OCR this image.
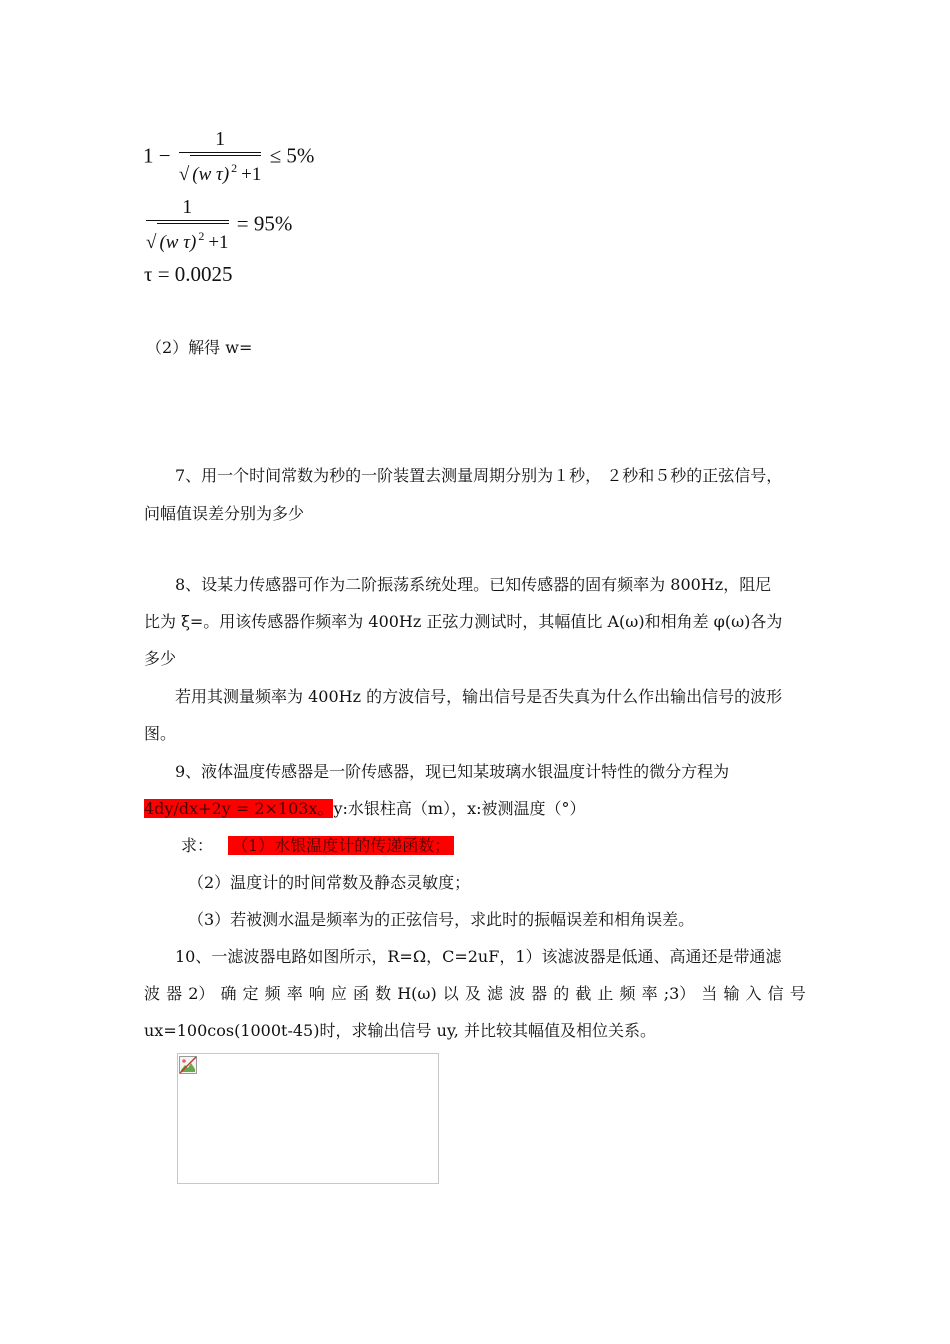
$1 - \frac{1}{√ (w \tau) ^2 +1} \le 5\%$
$\frac{1}{√ (w \tau) ^2 +1} = 95\%$
τ = 0.0025
（2）解得 w=
7、用一个时间常数为秒的一阶装置去测量周期分别为１秒， ２秒和５秒的正弦信号，
问幅值误差分别为多少
8、设某力传感器可作为二阶振荡系统处理。已知传感器的固有频率为 800Hz，阻尼
比为 ξ=。用该传感器作频率为 400Hz 正弦力测试时，其幅值比 A(ω)和相角差 φ(ω)各为
多少
若用其测量频率为 400Hz 的方波信号，输出信号是否失真为什么作出输出信号的波形
图。
9、液体温度传感器是一阶传感器，现已知某玻璃水银温度计特性的微分方程为
4dy/dx+2y = 2×103x。y:水银柱高（m），x:被测温度（°）
求： （1）水银温度计的传递函数；
（2）温度计的时间常数及静态灵敏度；
（3）若被测水温是频率为的正弦信号，求此时的振幅误差和相角误差。
10、一滤波器电路如图所示，R=Ω，C=2uF，1）该滤波器是低通、高通还是带通滤
波 器 2） 确 定 频 率 响 应 函 数 H(ω) 以 及 滤 波 器 的 截 止 频 率 ;3） 当 输 入 信 号
ux=100cos(1000t-45)时，求输出信号 uy, 并比较其幅值及相位关系。
